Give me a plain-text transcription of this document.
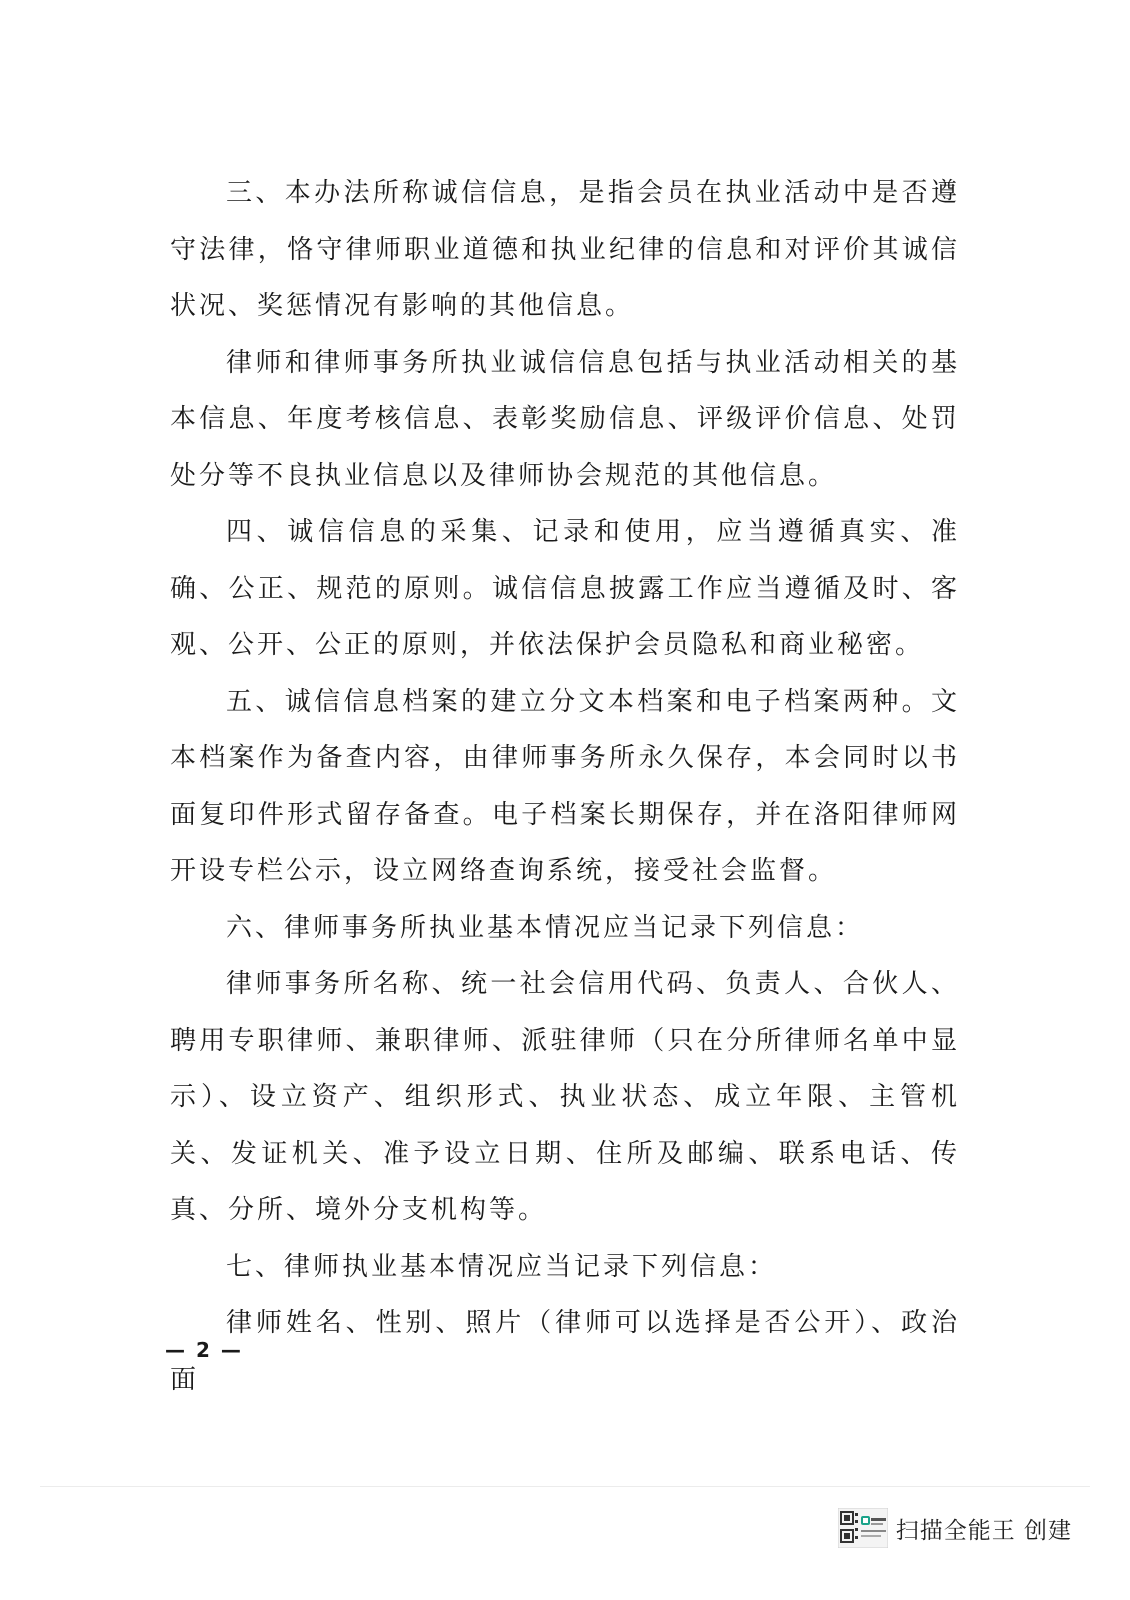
三、本办法所称诚信信息，是指会员在执业活动中是否遵守法律，恪守律师职业道德和执业纪律的信息和对评价其诚信状况、奖惩情况有影响的其他信息。

律师和律师事务所执业诚信信息包括与执业活动相关的基本信息、年度考核信息、表彰奖励信息、评级评价信息、处罚处分等不良执业信息以及律师协会规范的其他信息。

四、诚信信息的采集、记录和使用，应当遵循真实、准确、公正、规范的原则。诚信信息披露工作应当遵循及时、客观、公开、公正的原则，并依法保护会员隐私和商业秘密。

五、诚信信息档案的建立分文本档案和电子档案两种。文本档案作为备查内容，由律师事务所永久保存，本会同时以书面复印件形式留存备查。电子档案长期保存，并在洛阳律师网开设专栏公示，设立网络查询系统，接受社会监督。

六、律师事务所执业基本情况应当记录下列信息：

律师事务所名称、统一社会信用代码、负责人、合伙人、聘用专职律师、兼职律师、派驻律师（只在分所律师名单中显示）、设立资产、组织形式、执业状态、成立年限、主管机关、发证机关、准予设立日期、住所及邮编、联系电话、传真、分所、境外分支机构等。

七、律师执业基本情况应当记录下列信息：

律师姓名、性别、照片（律师可以选择是否公开）、政治面

— 2 —
扫描全能王 创建
